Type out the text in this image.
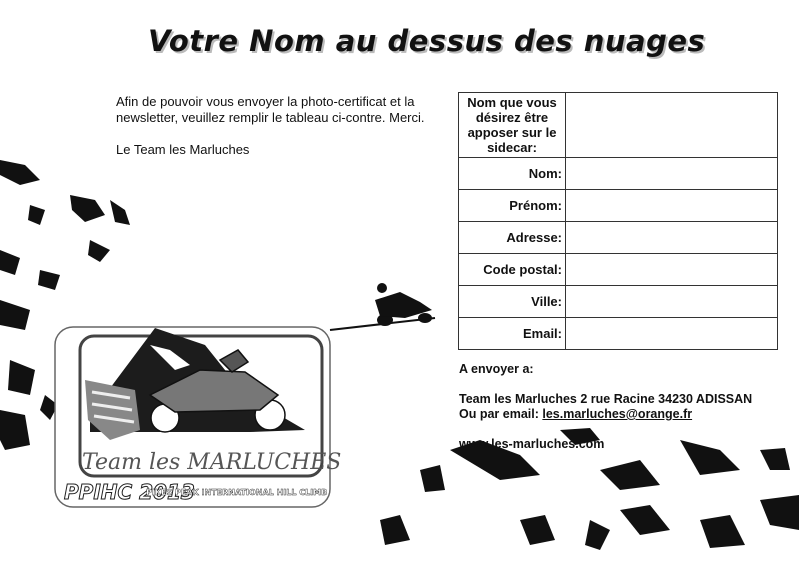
Votre Nom au dessus des nuages

Afin de pouvoir vous envoyer la photo-certificat et la newsletter, veuillez remplir le tableau ci-contre. Merci.

Le Team les Marluches

Nom que vous désirez être apposer sur le sidecar:	
Nom:	
Prénom:	
Adresse:	
Code postal:	
Ville:	
Email:	
A envoyer a:
Team les Marluches 2 rue Racine 34230 ADISSAN
Ou par email: les.marluches@orange.fr
www.les-marluches.com
Team les MARLUCHES
PPIHC 2013
PIKES PEAK INTERNATIONAL HILL CLIMB
